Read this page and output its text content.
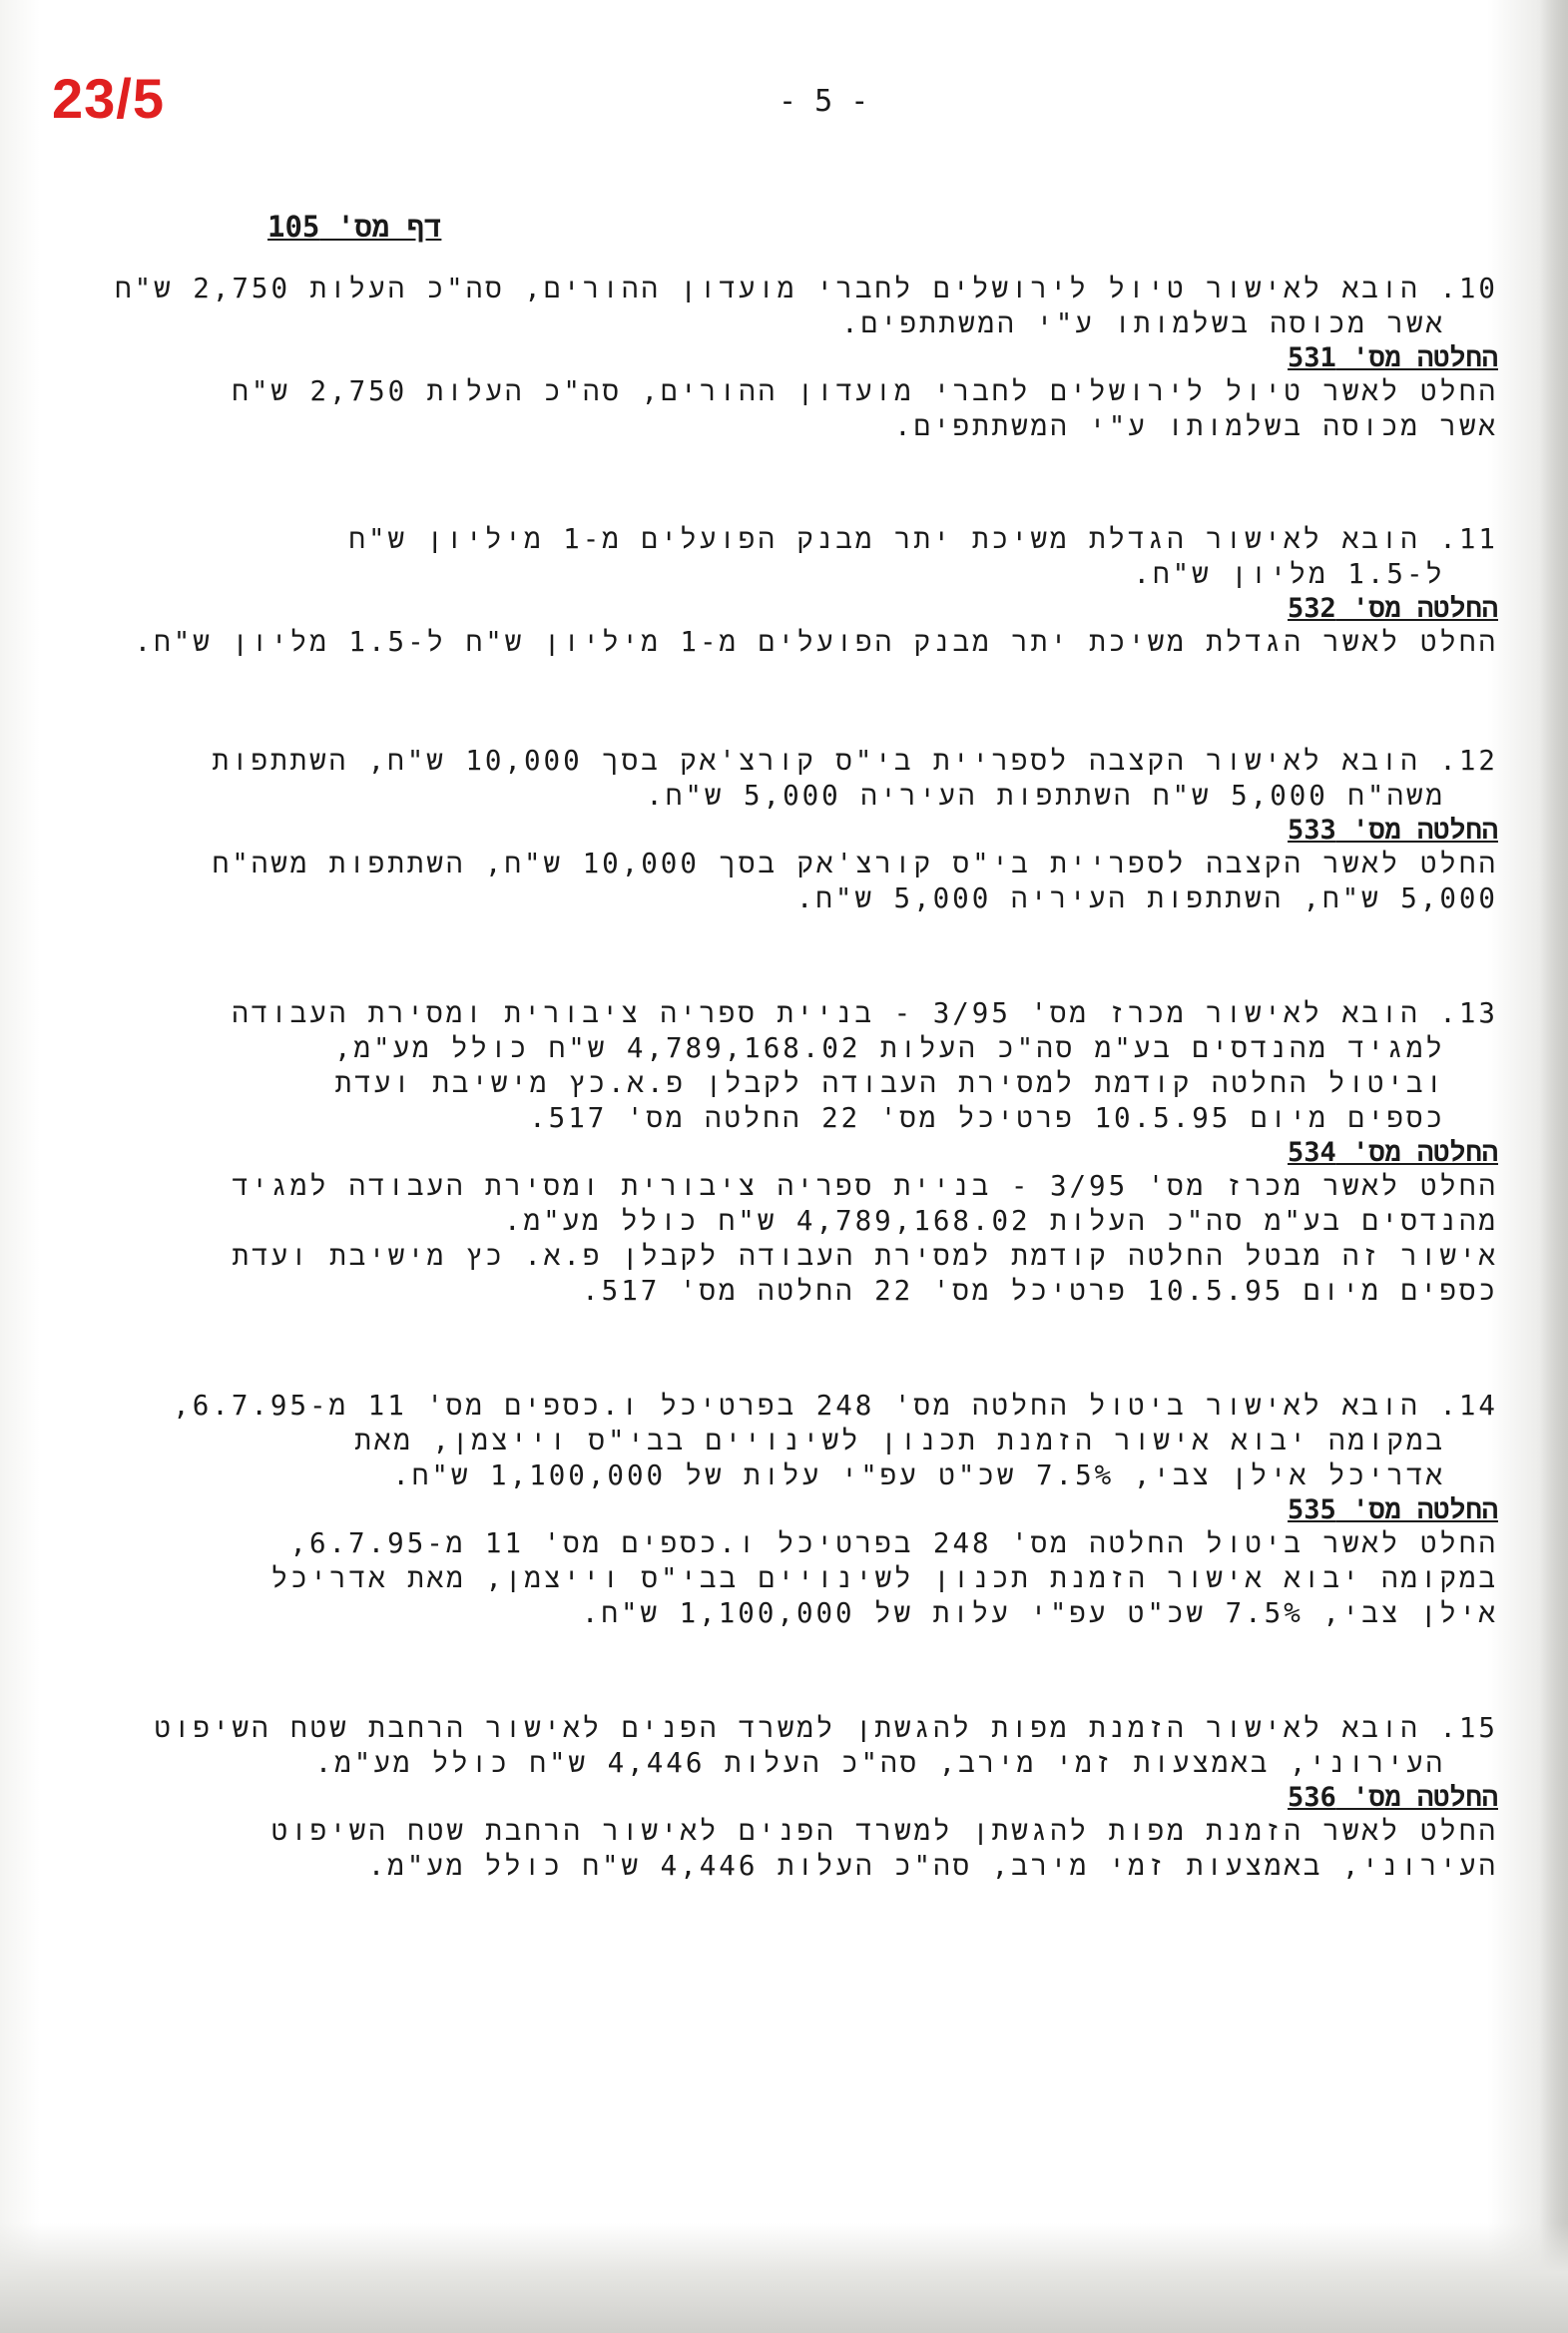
23/5	- 5 -
דף מס' 105
10. הובא לאישור טיול לירושלים לחברי מועדון ההורים, סה"כ העלות 2,750 ש"ח
אשר מכוסה בשלמותו ע"י המשתתפים.
החלטה מס' 531
החלט לאשר טיול לירושלים לחברי מועדון ההורים, סה"כ העלות 2,750 ש"ח
אשר מכוסה בשלמותו ע"י המשתתפים.
11. הובא לאישור הגדלת משיכת יתר מבנק הפועלים מ-1 מיליון ש"ח
ל-1.5 מליון ש"ח.
החלטה מס' 532
החלט לאשר הגדלת משיכת יתר מבנק הפועלים מ-1 מיליון ש"ח ל-1.5 מליון ש"ח.
12. הובא לאישור הקצבה לספריית בי"ס קורצ'אק בסך 10,000 ש"ח, השתתפות
משה"ח 5,000 ש"ח השתתפות העיריה 5,000 ש"ח.
החלטה מס' 533
החלט לאשר הקצבה לספריית בי"ס קורצ'אק בסך 10,000 ש"ח, השתתפות משה"ח
5,000 ש"ח, השתתפות העיריה 5,000 ש"ח.
13. הובא לאישור מכרז מס' 3/95 - בניית ספריה ציבורית ומסירת העבודה
למגיד מהנדסים בע"מ סה"כ העלות 4,789,168.02 ש"ח כולל מע"מ,
וביטול החלטה קודמת למסירת העבודה לקבלן פ.א.כץ מישיבת ועדת
כספים מיום 10.5.95 פרטיכל מס' 22 החלטה מס' 517.
החלטה מס' 534
החלט לאשר מכרז מס' 3/95 - בניית ספריה ציבורית ומסירת העבודה למגיד
מהנדסים בע"מ סה"כ העלות 4,789,168.02 ש"ח כולל מע"מ.
אישור זה מבטל החלטה קודמת למסירת העבודה לקבלן פ.א. כץ מישיבת ועדת
כספים מיום 10.5.95 פרטיכל מס' 22 החלטה מס' 517.
14. הובא לאישור ביטול החלטה מס' 248 בפרטיכל ו.כספים מס' 11 מ-6.7.95,
במקומה יבוא אישור הזמנת תכנון לשינויים בבי"ס וייצמן, מאת
אדריכל אילן צבי, 7.5% שכ"ט עפ"י עלות של 1,100,000 ש"ח.
החלטה מס' 535
החלט לאשר ביטול החלטה מס' 248 בפרטיכל ו.כספים מס' 11 מ-6.7.95,
במקומה יבוא אישור הזמנת תכנון לשינויים בבי"ס וייצמן, מאת אדריכל
אילן צבי, 7.5% שכ"ט עפ"י עלות של 1,100,000 ש"ח.
15. הובא לאישור הזמנת מפות להגשתן למשרד הפנים לאישור הרחבת שטח השיפוט
העירוני, באמצעות זמי מירב, סה"כ העלות 4,446 ש"ח כולל מע"מ.
החלטה מס' 536
החלט לאשר הזמנת מפות להגשתן למשרד הפנים לאישור הרחבת שטח השיפוט
העירוני, באמצעות זמי מירב, סה"כ העלות 4,446 ש"ח כולל מע"מ.
